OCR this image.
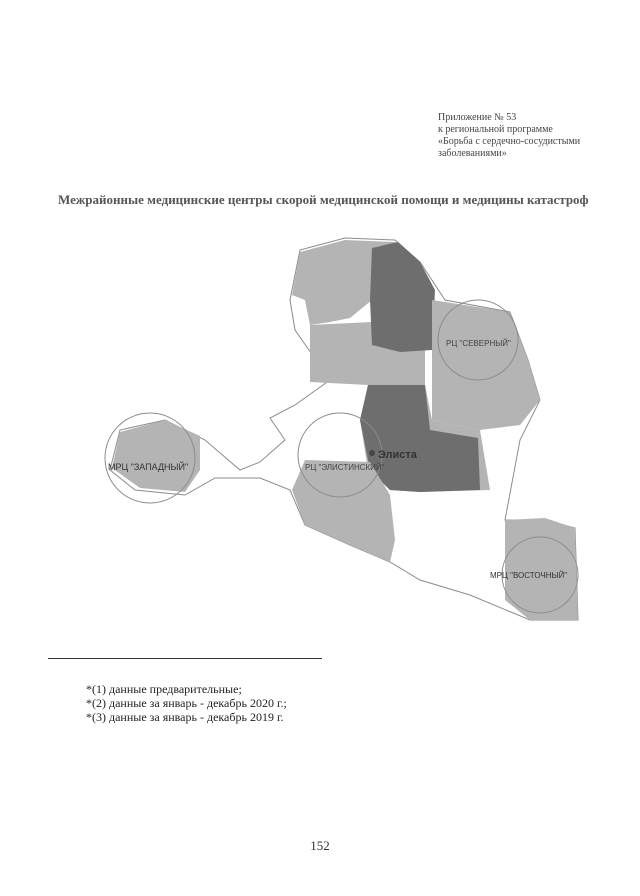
Приложение № 53
к региональной программе
«Борьба с сердечно-сосудистыми
заболеваниями»
Межрайонные медицинские центры скорой медицинской помощи и медицины катастроф
Элиста
МРЦ "ЗАПАДНЫЙ"
РЦ "СЕВЕРНЫЙ"
РЦ "ЭЛИСТИНСКИЙ"
МРЦ "ВОСТОЧНЫЙ"
*(1) данные предварительные;
*(2) данные за январь - декабрь 2020 г.;
*(3) данные за январь - декабрь 2019 г.
152
